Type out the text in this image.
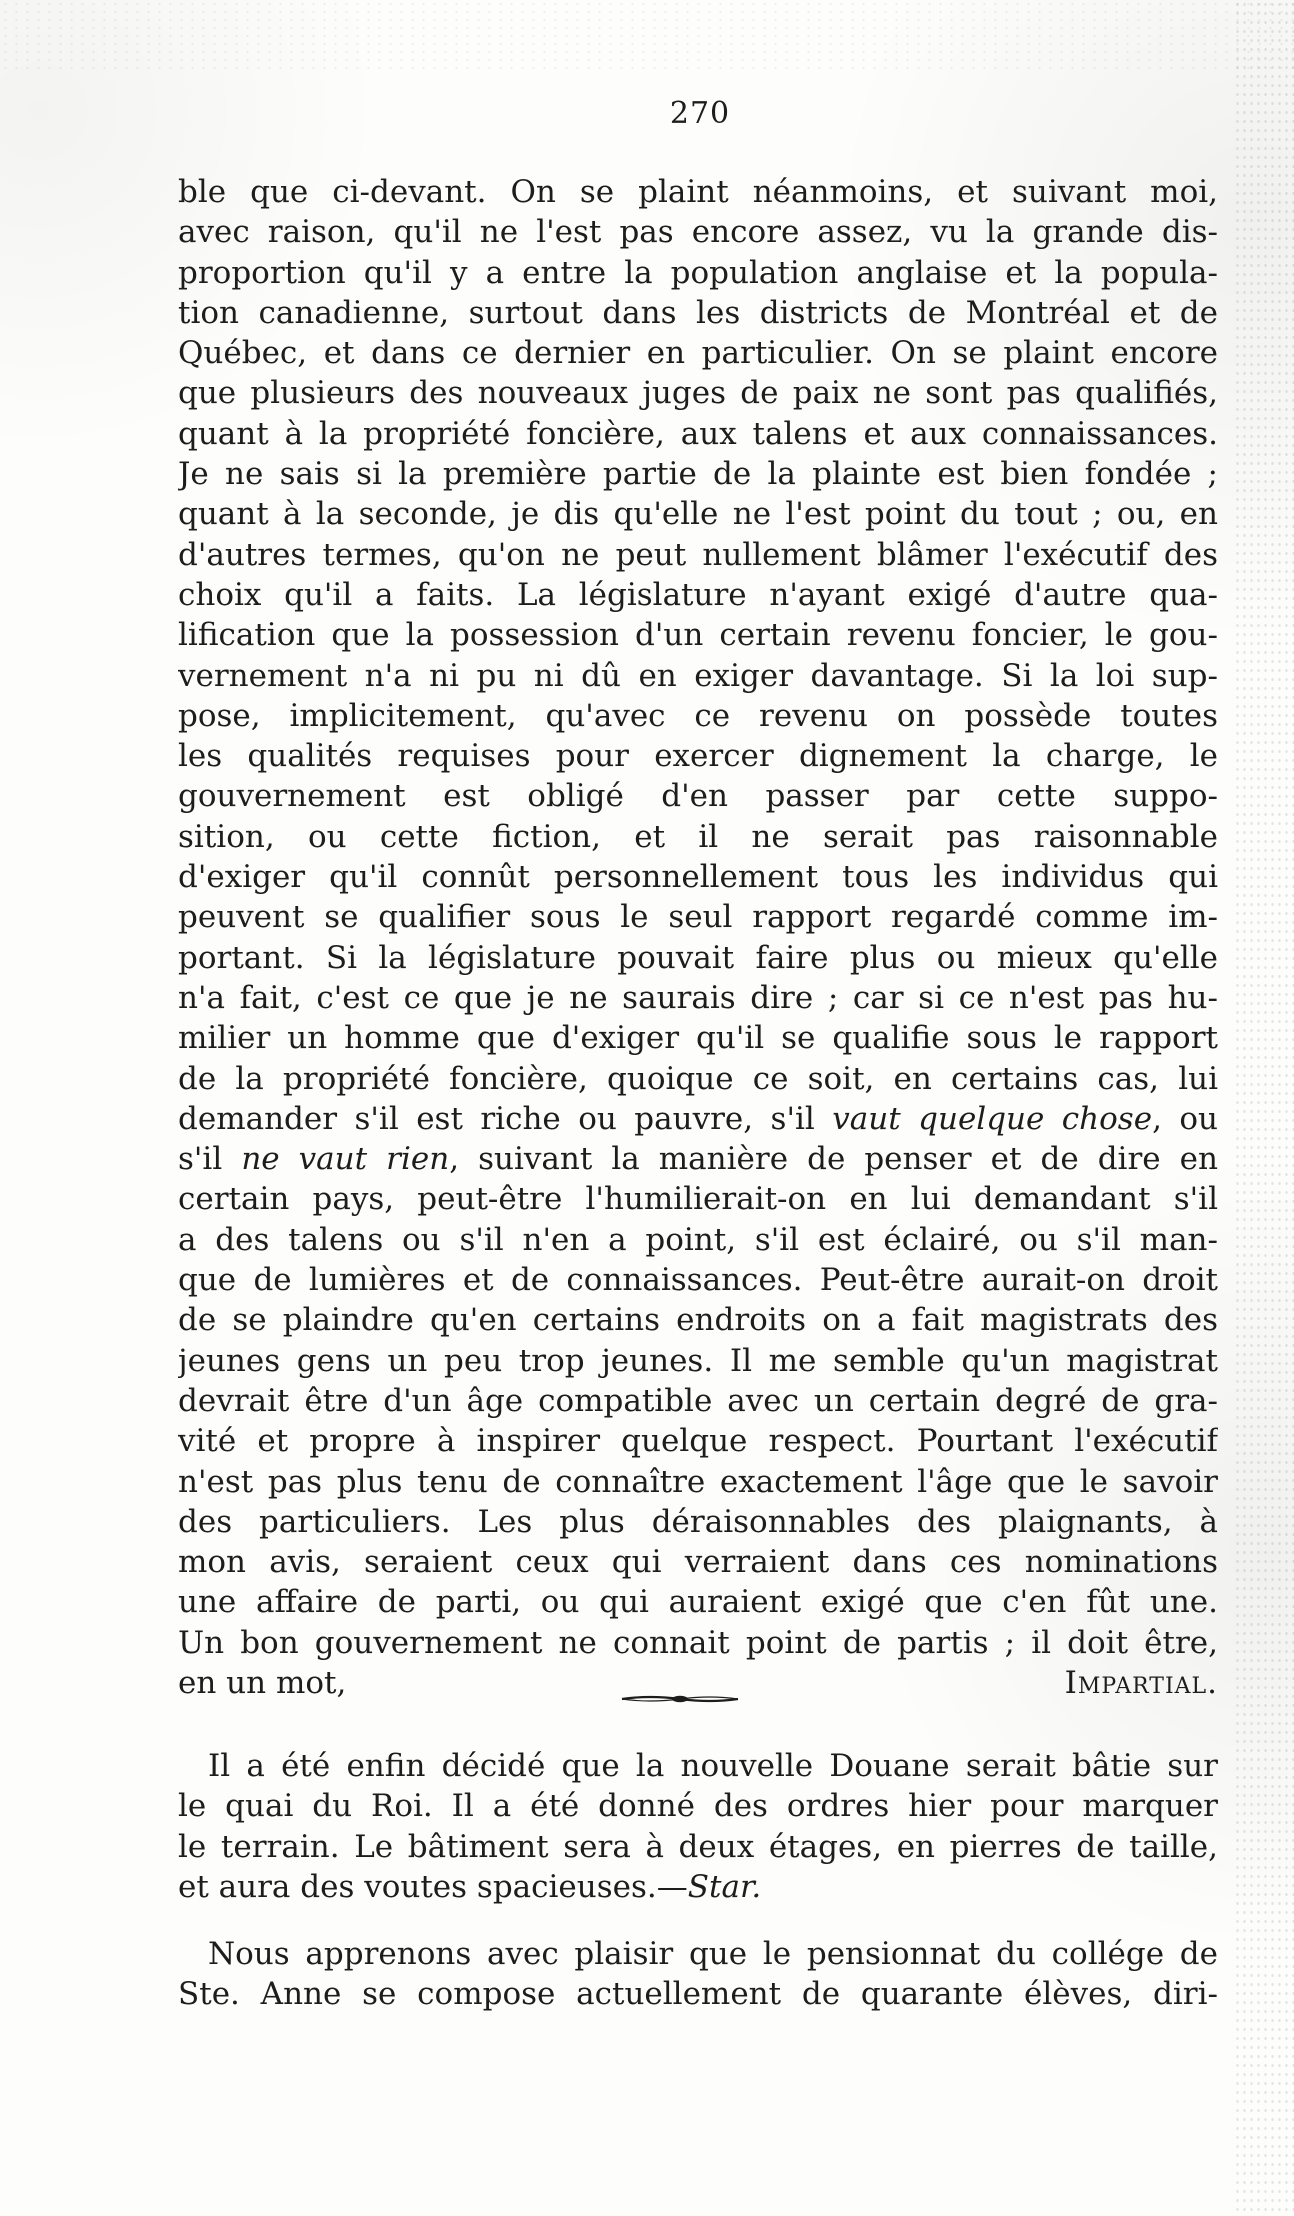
270
ble que ci-devant. On se plaint néanmoins, et suivant moi,
avec raison, qu'il ne l'est pas encore assez, vu la grande dis-
proportion qu'il y a entre la population anglaise et la popula-
tion canadienne, surtout dans les districts de Montréal et de
Québec, et dans ce dernier en particulier. On se plaint encore
que plusieurs des nouveaux juges de paix ne sont pas qualifiés,
quant à la propriété foncière, aux talens et aux connaissances.
Je ne sais si la première partie de la plainte est bien fondée ;
quant à la seconde, je dis qu'elle ne l'est point du tout ; ou, en
d'autres termes, qu'on ne peut nullement blâmer l'exécutif des
choix qu'il a faits. La législature n'ayant exigé d'autre qua-
lification que la possession d'un certain revenu foncier, le gou-
vernement n'a ni pu ni dû en exiger davantage. Si la loi sup-
pose, implicitement, qu'avec ce revenu on possède toutes
les qualités requises pour exercer dignement la charge, le
gouvernement est obligé d'en passer par cette suppo-
sition, ou cette fiction, et il ne serait pas raisonnable
d'exiger qu'il connût personnellement tous les individus qui
peuvent se qualifier sous le seul rapport regardé comme im-
portant. Si la législature pouvait faire plus ou mieux qu'elle
n'a fait, c'est ce que je ne saurais dire ; car si ce n'est pas hu-
milier un homme que d'exiger qu'il se qualifie sous le rapport
de la propriété foncière, quoique ce soit, en certains cas, lui
demander s'il est riche ou pauvre, s'il vaut quelque chose, ou
s'il ne vaut rien, suivant la manière de penser et de dire en
certain pays, peut-être l'humilierait-on en lui demandant s'il
a des talens ou s'il n'en a point, s'il est éclairé, ou s'il man-
que de lumières et de connaissances. Peut-être aurait-on droit
de se plaindre qu'en certains endroits on a fait magistrats des
jeunes gens un peu trop jeunes. Il me semble qu'un magistrat
devrait être d'un âge compatible avec un certain degré de gra-
vité et propre à inspirer quelque respect. Pourtant l'exécutif
n'est pas plus tenu de connaître exactement l'âge que le savoir
des particuliers. Les plus déraisonnables des plaignants, à
mon avis, seraient ceux qui verraient dans ces nominations
une affaire de parti, ou qui auraient exigé que c'en fût une.
Un bon gouvernement ne connait point de partis ; il doit être,
en un mot,	Impartial.
Il a été enfin décidé que la nouvelle Douane serait bâtie sur
le quai du Roi. Il a été donné des ordres hier pour marquer
le terrain. Le bâtiment sera à deux étages, en pierres de taille,
et aura des voutes spacieuses.—Star.
Nous apprenons avec plaisir que le pensionnat du collége de
Ste. Anne se compose actuellement de quarante élèves, diri-
